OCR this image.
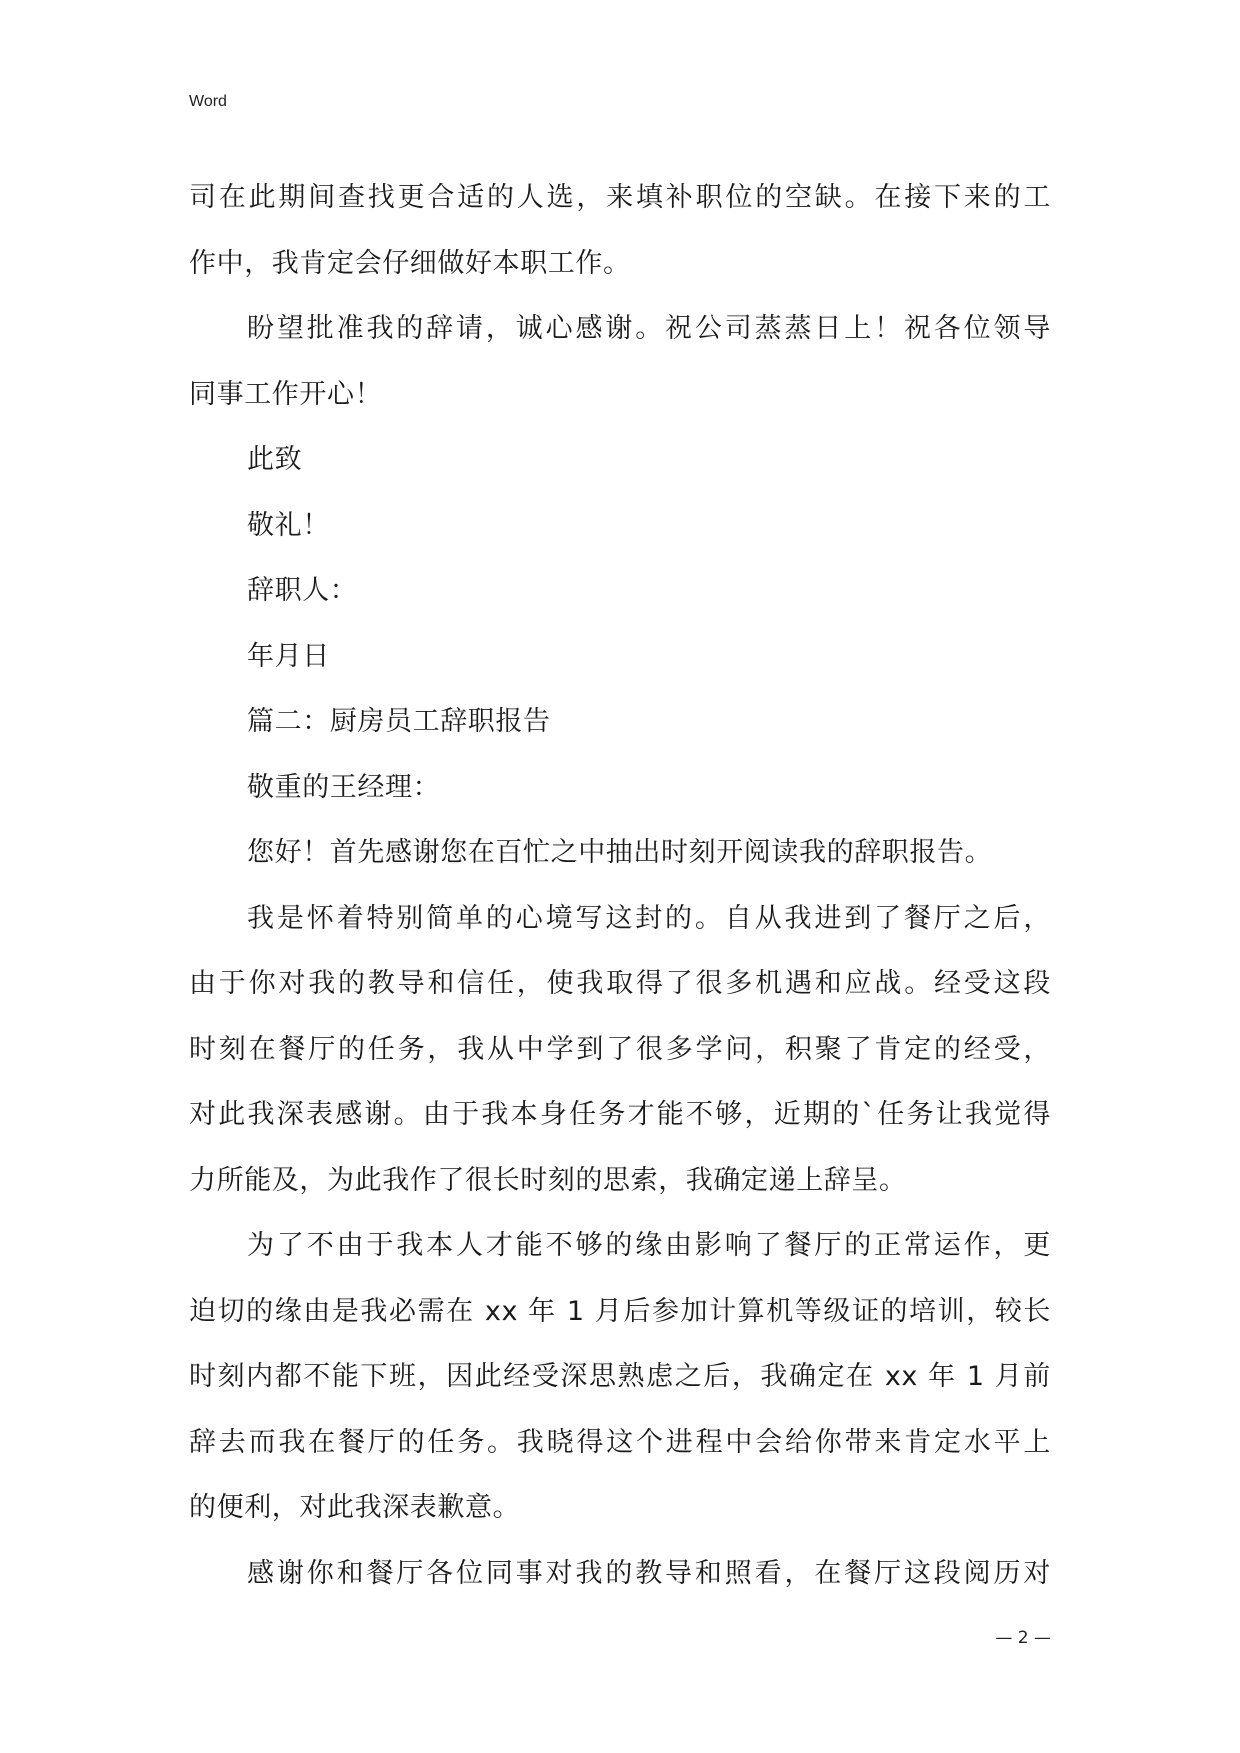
Word
司在此期间查找更合适的人选，来填补职位的空缺。在接下来的工
作中，我肯定会仔细做好本职工作。
盼望批准我的辞请，诚心感谢。祝公司蒸蒸日上！祝各位领导
同事工作开心！
此致
敬礼！
辞职人：
年月日
篇二：厨房员工辞职报告
敬重的王经理：
您好！首先感谢您在百忙之中抽出时刻开阅读我的辞职报告。
我是怀着特别简单的心境写这封的。自从我进到了餐厅之后，
由于你对我的教导和信任，使我取得了很多机遇和应战。经受这段
时刻在餐厅的任务，我从中学到了很多学问，积聚了肯定的经受，
对此我深表感谢。由于我本身任务才能不够，近期的`任务让我觉得
力所能及，为此我作了很长时刻的思索，我确定递上辞呈。
为了不由于我本人才能不够的缘由影响了餐厅的正常运作，更
迫切的缘由是我必需在 xx 年 1 月后参加计算机等级证的培训，较长
时刻内都不能下班，因此经受深思熟虑之后，我确定在 xx 年 1 月前
辞去而我在餐厅的任务。我晓得这个进程中会给你带来肯定水平上
的便利，对此我深表歉意。
感谢你和餐厅各位同事对我的教导和照看，在餐厅这段阅历对
— 2 —
